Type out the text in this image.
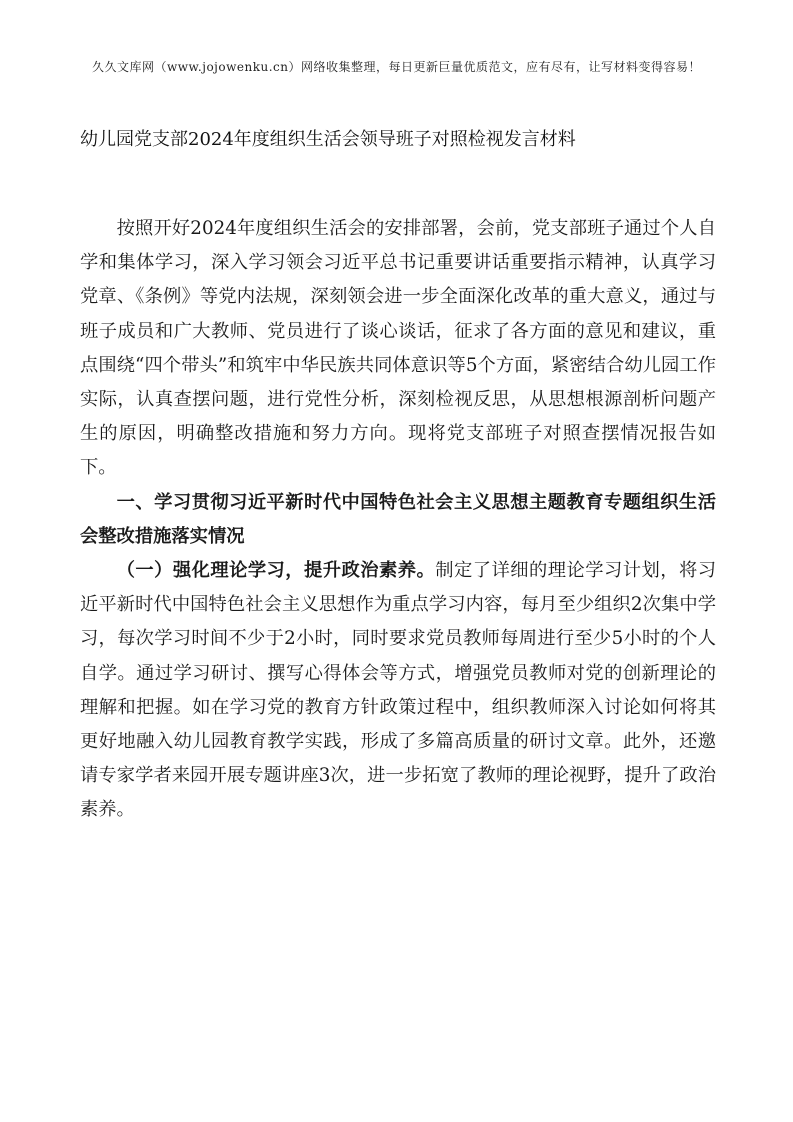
久久文库网（www.jojowenku.cn）网络收集整理，每日更新巨量优质范文，应有尽有，让写材料变得容易！
幼儿园党支部2024年度组织生活会领导班子对照检视发言材料

按照开好2024年度组织生活会的安排部署，会前，党支部班子通过个人自学和集体学习，深入学习领会习近平总书记重要讲话重要指示精神，认真学习党章、《条例》等党内法规，深刻领会进一步全面深化改革的重大意义，通过与班子成员和广大教师、党员进行了谈心谈话，征求了各方面的意见和建议，重点围绕“四个带头”和筑牢中华民族共同体意识等5个方面，紧密结合幼儿园工作实际，认真查摆问题，进行党性分析，深刻检视反思，从思想根源剖析问题产生的原因，明确整改措施和努力方向。现将党支部班子对照查摆情况报告如下。

一、学习贯彻习近平新时代中国特色社会主义思想主题教育专题组织生活会整改措施落实情况

（一）强化理论学习，提升政治素养。制定了详细的理论学习计划，将习近平新时代中国特色社会主义思想作为重点学习内容，每月至少组织2次集中学习，每次学习时间不少于2小时，同时要求党员教师每周进行至少5小时的个人自学。通过学习研讨、撰写心得体会等方式，增强党员教师对党的创新理论的理解和把握。如在学习党的教育方针政策过程中，组织教师深入讨论如何将其更好地融入幼儿园教育教学实践，形成了多篇高质量的研讨文章。此外，还邀请专家学者来园开展专题讲座3次，进一步拓宽了教师的理论视野，提升了政治素养。
